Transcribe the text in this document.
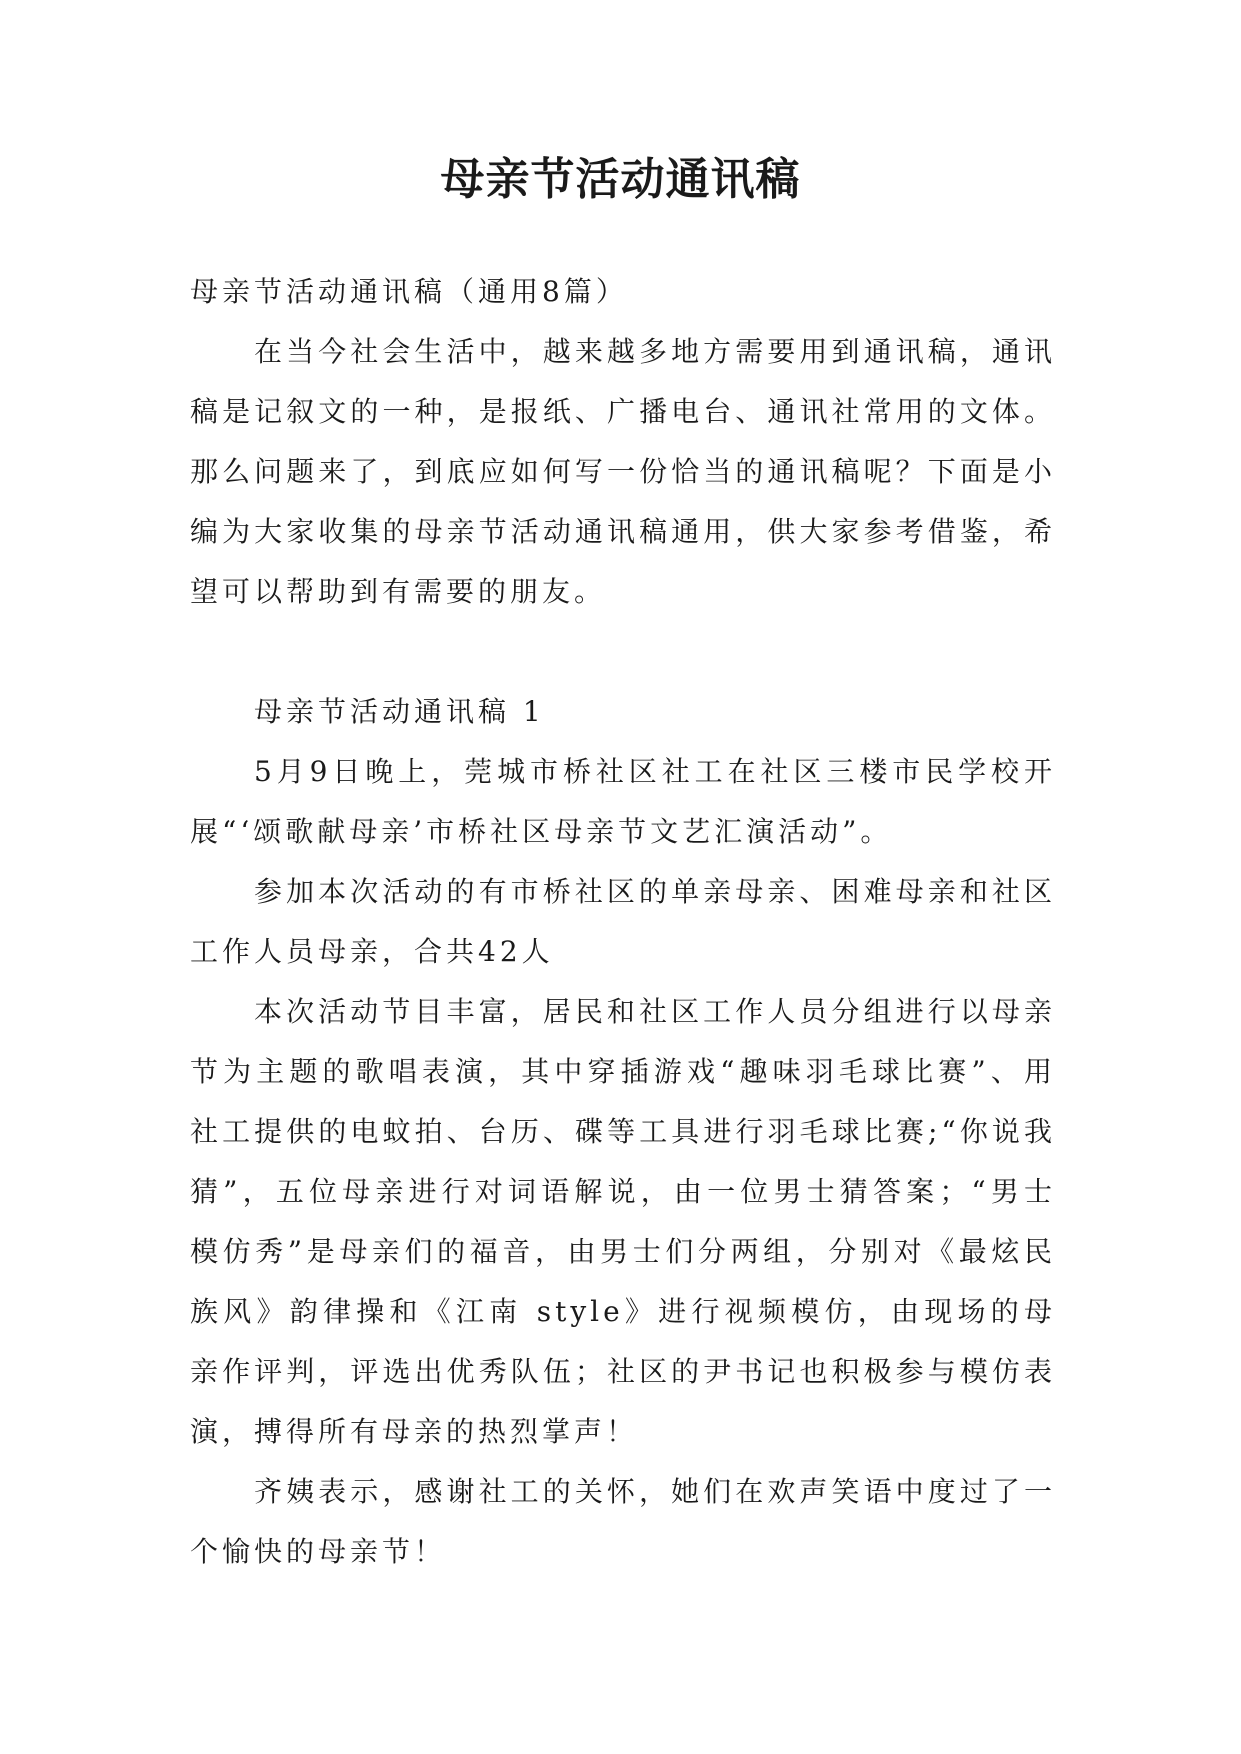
母亲节活动通讯稿

母亲节活动通讯稿（通用8篇）

在当今社会生活中，越来越多地方需要用到通讯稿，通讯稿是记叙文的一种，是报纸、广播电台、通讯社常用的文体。那么问题来了，到底应如何写一份恰当的通讯稿呢？下面是小编为大家收集的母亲节活动通讯稿通用，供大家参考借鉴，希望可以帮助到有需要的朋友。

母亲节活动通讯稿 1

5月9日晚上，莞城市桥社区社工在社区三楼市民学校开展“‘颂歌献母亲’市桥社区母亲节文艺汇演活动”。

参加本次活动的有市桥社区的单亲母亲、困难母亲和社区工作人员母亲，合共42人

本次活动节目丰富，居民和社区工作人员分组进行以母亲节为主题的歌唱表演，其中穿插游戏“趣味羽毛球比赛”、用社工提供的电蚊拍、台历、碟等工具进行羽毛球比赛;“你说我猜”，五位母亲进行对词语解说，由一位男士猜答案；“男士模仿秀”是母亲们的福音，由男士们分两组，分别对《最炫民族风》韵律操和《江南 style》进行视频模仿，由现场的母亲作评判，评选出优秀队伍；社区的尹书记也积极参与模仿表演，搏得所有母亲的热烈掌声！

齐姨表示，感谢社工的关怀，她们在欢声笑语中度过了一个愉快的母亲节！
